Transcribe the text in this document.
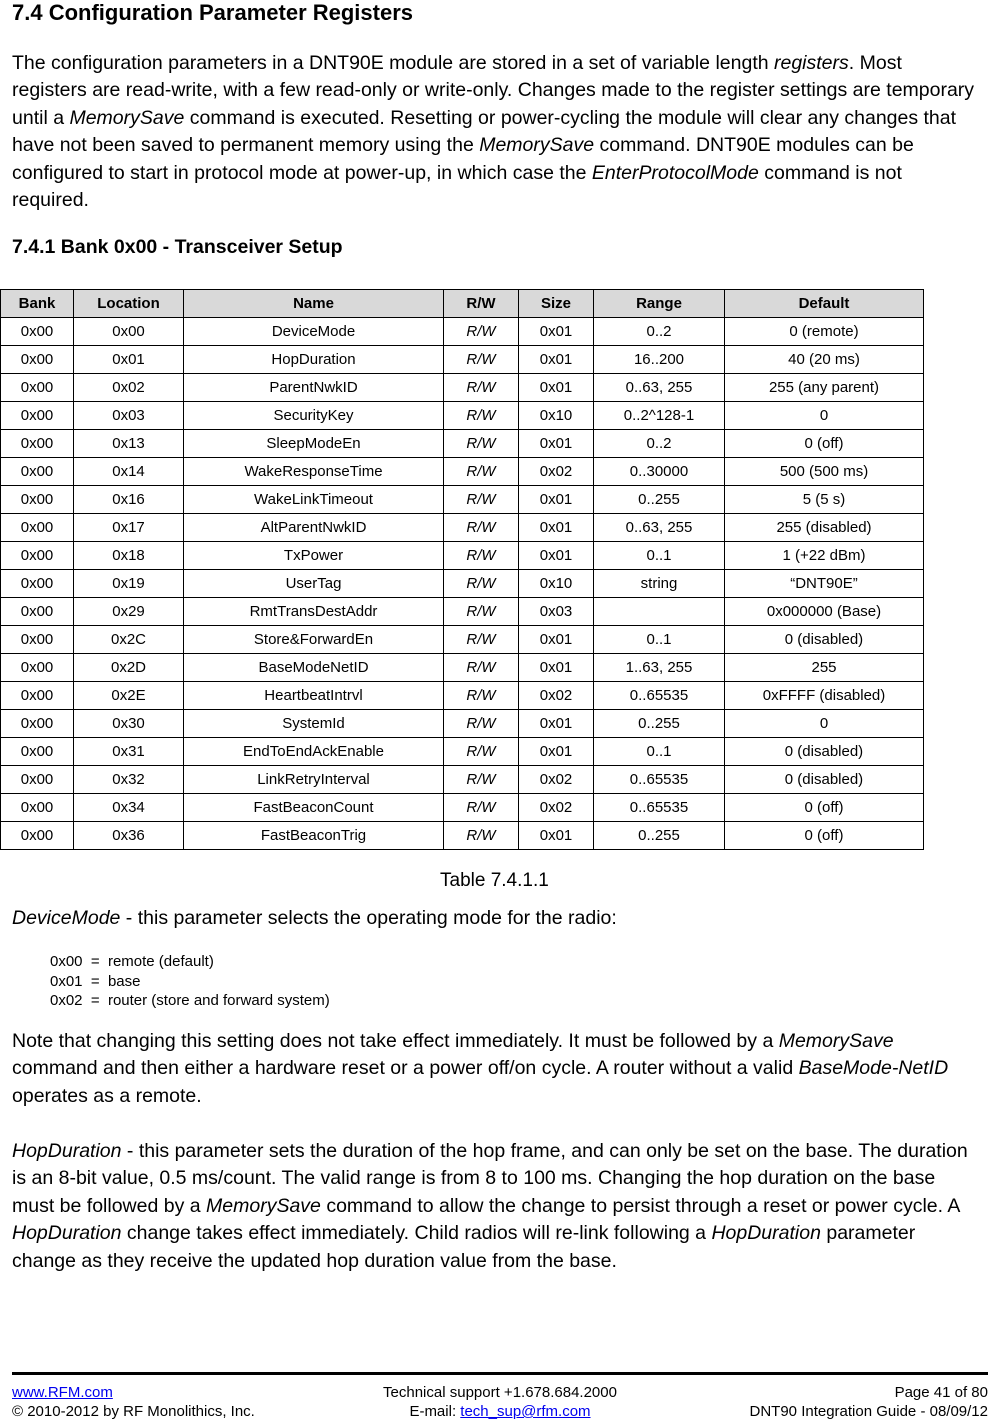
7.4 Configuration Parameter Registers

The configuration parameters in a DNT90E module are stored in a set of variable length registers. Most registers are read-write, with a few read-only or write-only. Changes made to the register settings are temporary until a MemorySave command is executed. Resetting or power-cycling the module will clear any changes that have not been saved to permanent memory using the MemorySave command. DNT90E modules can be configured to start in protocol mode at power-up, in which case the EnterProtocolMode command is not required.

7.4.1 Bank 0x00 - Transceiver Setup
Bank	Location	Name	R/W	Size	Range	Default
0x00	0x00	DeviceMode	R/W	0x01	0..2	0 (remote)
0x00	0x01	HopDuration	R/W	0x01	16..200	40 (20 ms)
0x00	0x02	ParentNwkID	R/W	0x01	0..63, 255	255 (any parent)
0x00	0x03	SecurityKey	R/W	0x10	0..2^128-1	0
0x00	0x13	SleepModeEn	R/W	0x01	0..2	0 (off)
0x00	0x14	WakeResponseTime	R/W	0x02	0..30000	500 (500 ms)
0x00	0x16	WakeLinkTimeout	R/W	0x01	0..255	5 (5 s)
0x00	0x17	AltParentNwkID	R/W	0x01	0..63, 255	255 (disabled)
0x00	0x18	TxPower	R/W	0x01	0..1	1 (+22 dBm)
0x00	0x19	UserTag	R/W	0x10	string	“DNT90E”
0x00	0x29	RmtTransDestAddr	R/W	0x03		0x000000 (Base)
0x00	0x2C	Store&ForwardEn	R/W	0x01	0..1	0 (disabled)
0x00	0x2D	BaseModeNetID	R/W	0x01	1..63, 255	255
0x00	0x2E	HeartbeatIntrvl	R/W	0x02	0..65535	0xFFFF (disabled)
0x00	0x30	SystemId	R/W	0x01	0..255	0
0x00	0x31	EndToEndAckEnable	R/W	0x01	0..1	0 (disabled)
0x00	0x32	LinkRetryInterval	R/W	0x02	0..65535	0 (disabled)
0x00	0x34	FastBeaconCount	R/W	0x02	0..65535	0 (off)
0x00	0x36	FastBeaconTrig	R/W	0x01	0..255	0 (off)
Table 7.4.1.1

DeviceMode - this parameter selects the operating mode for the radio:

0x00  =  remote (default)
0x01  =  base
0x02  =  router (store and forward system)

Note that changing this setting does not take effect immediately. It must be followed by a MemorySave command and then either a hardware reset or a power off/on cycle. A router without a valid BaseMode-NetID operates as a remote.

HopDuration - this parameter sets the duration of the hop frame, and can only be set on the base. The duration is an 8-bit value, 0.5 ms/count. The valid range is from 8 to 100 ms. Changing the hop duration on the base must be followed by a MemorySave command to allow the change to persist through a reset or power cycle. A HopDuration change takes effect immediately. Child radios will re-link following a HopDuration parameter change as they receive the updated hop duration value from the base.

Technical support +1.678.684.2000
www.RFM.com	Page 41 of 80
E-mail: tech_sup@rfm.com
© 2010-2012 by RF Monolithics, Inc.	DNT90 Integration Guide - 08/09/12
